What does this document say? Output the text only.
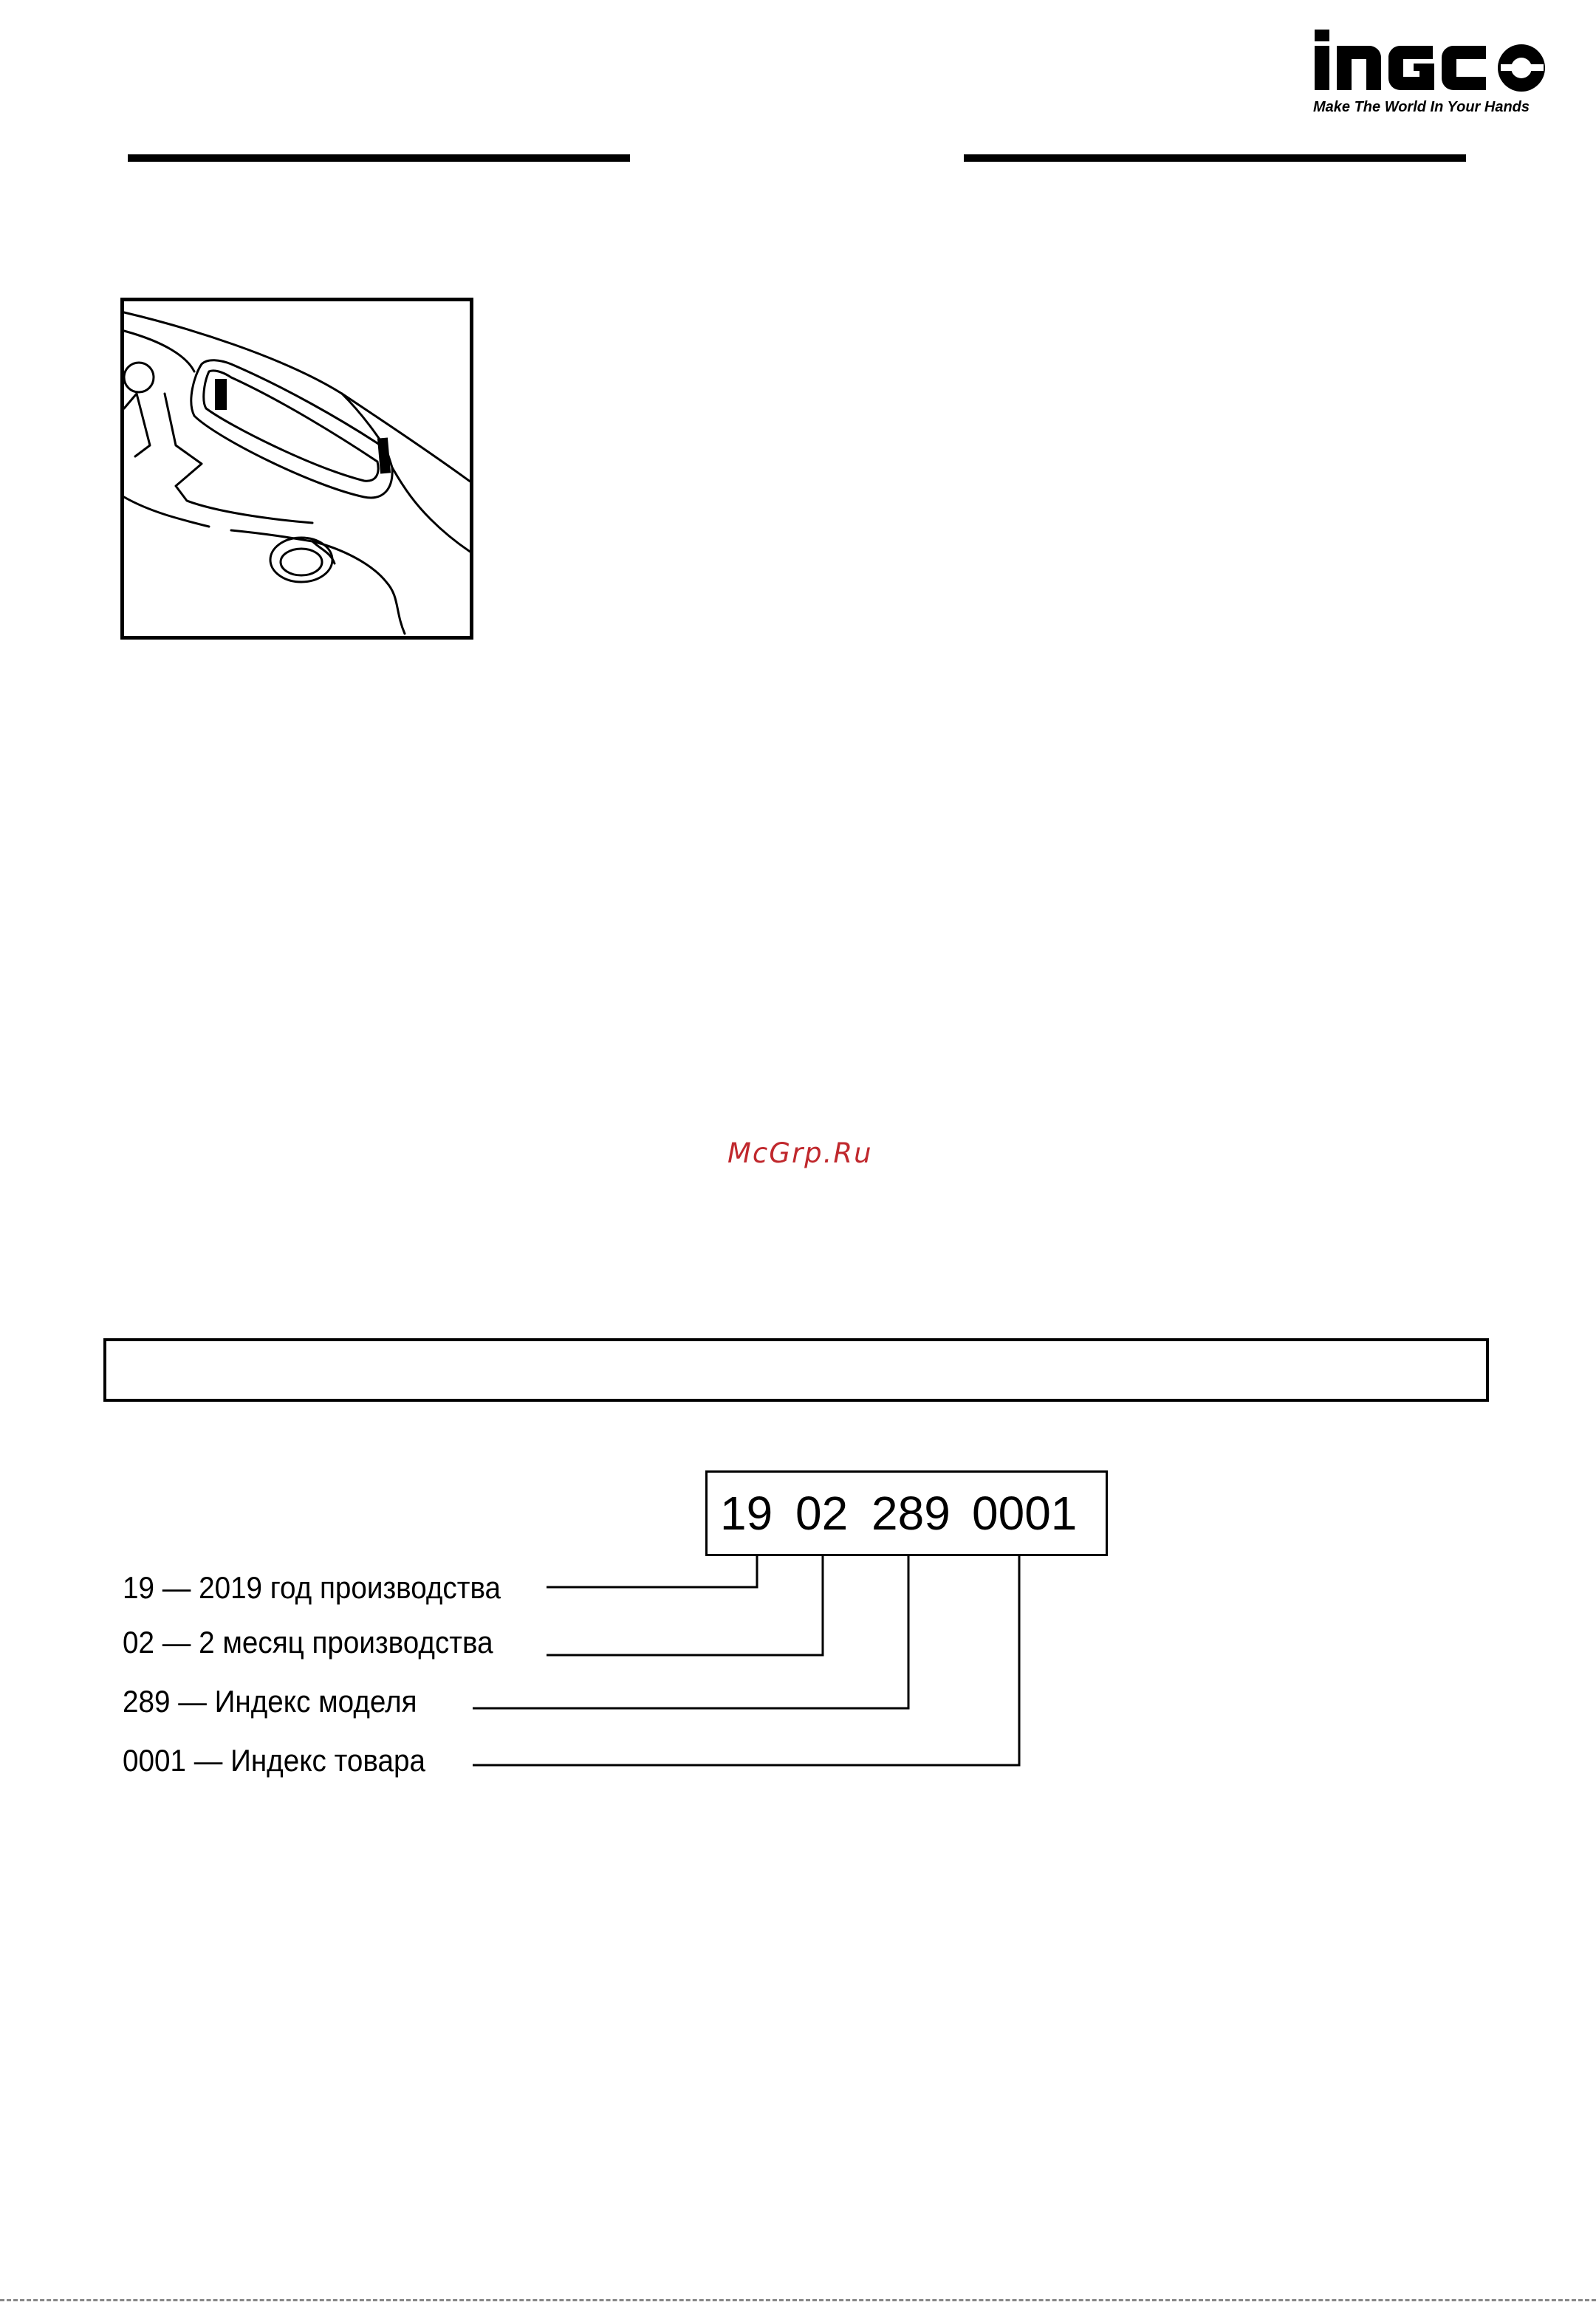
Make The World In Your Hands
McGrp.Ru
19 02 289 0001
19 — 2019 год производства
02 — 2 месяц производства
289 — Индекс моделя
0001 — Индекс товара
